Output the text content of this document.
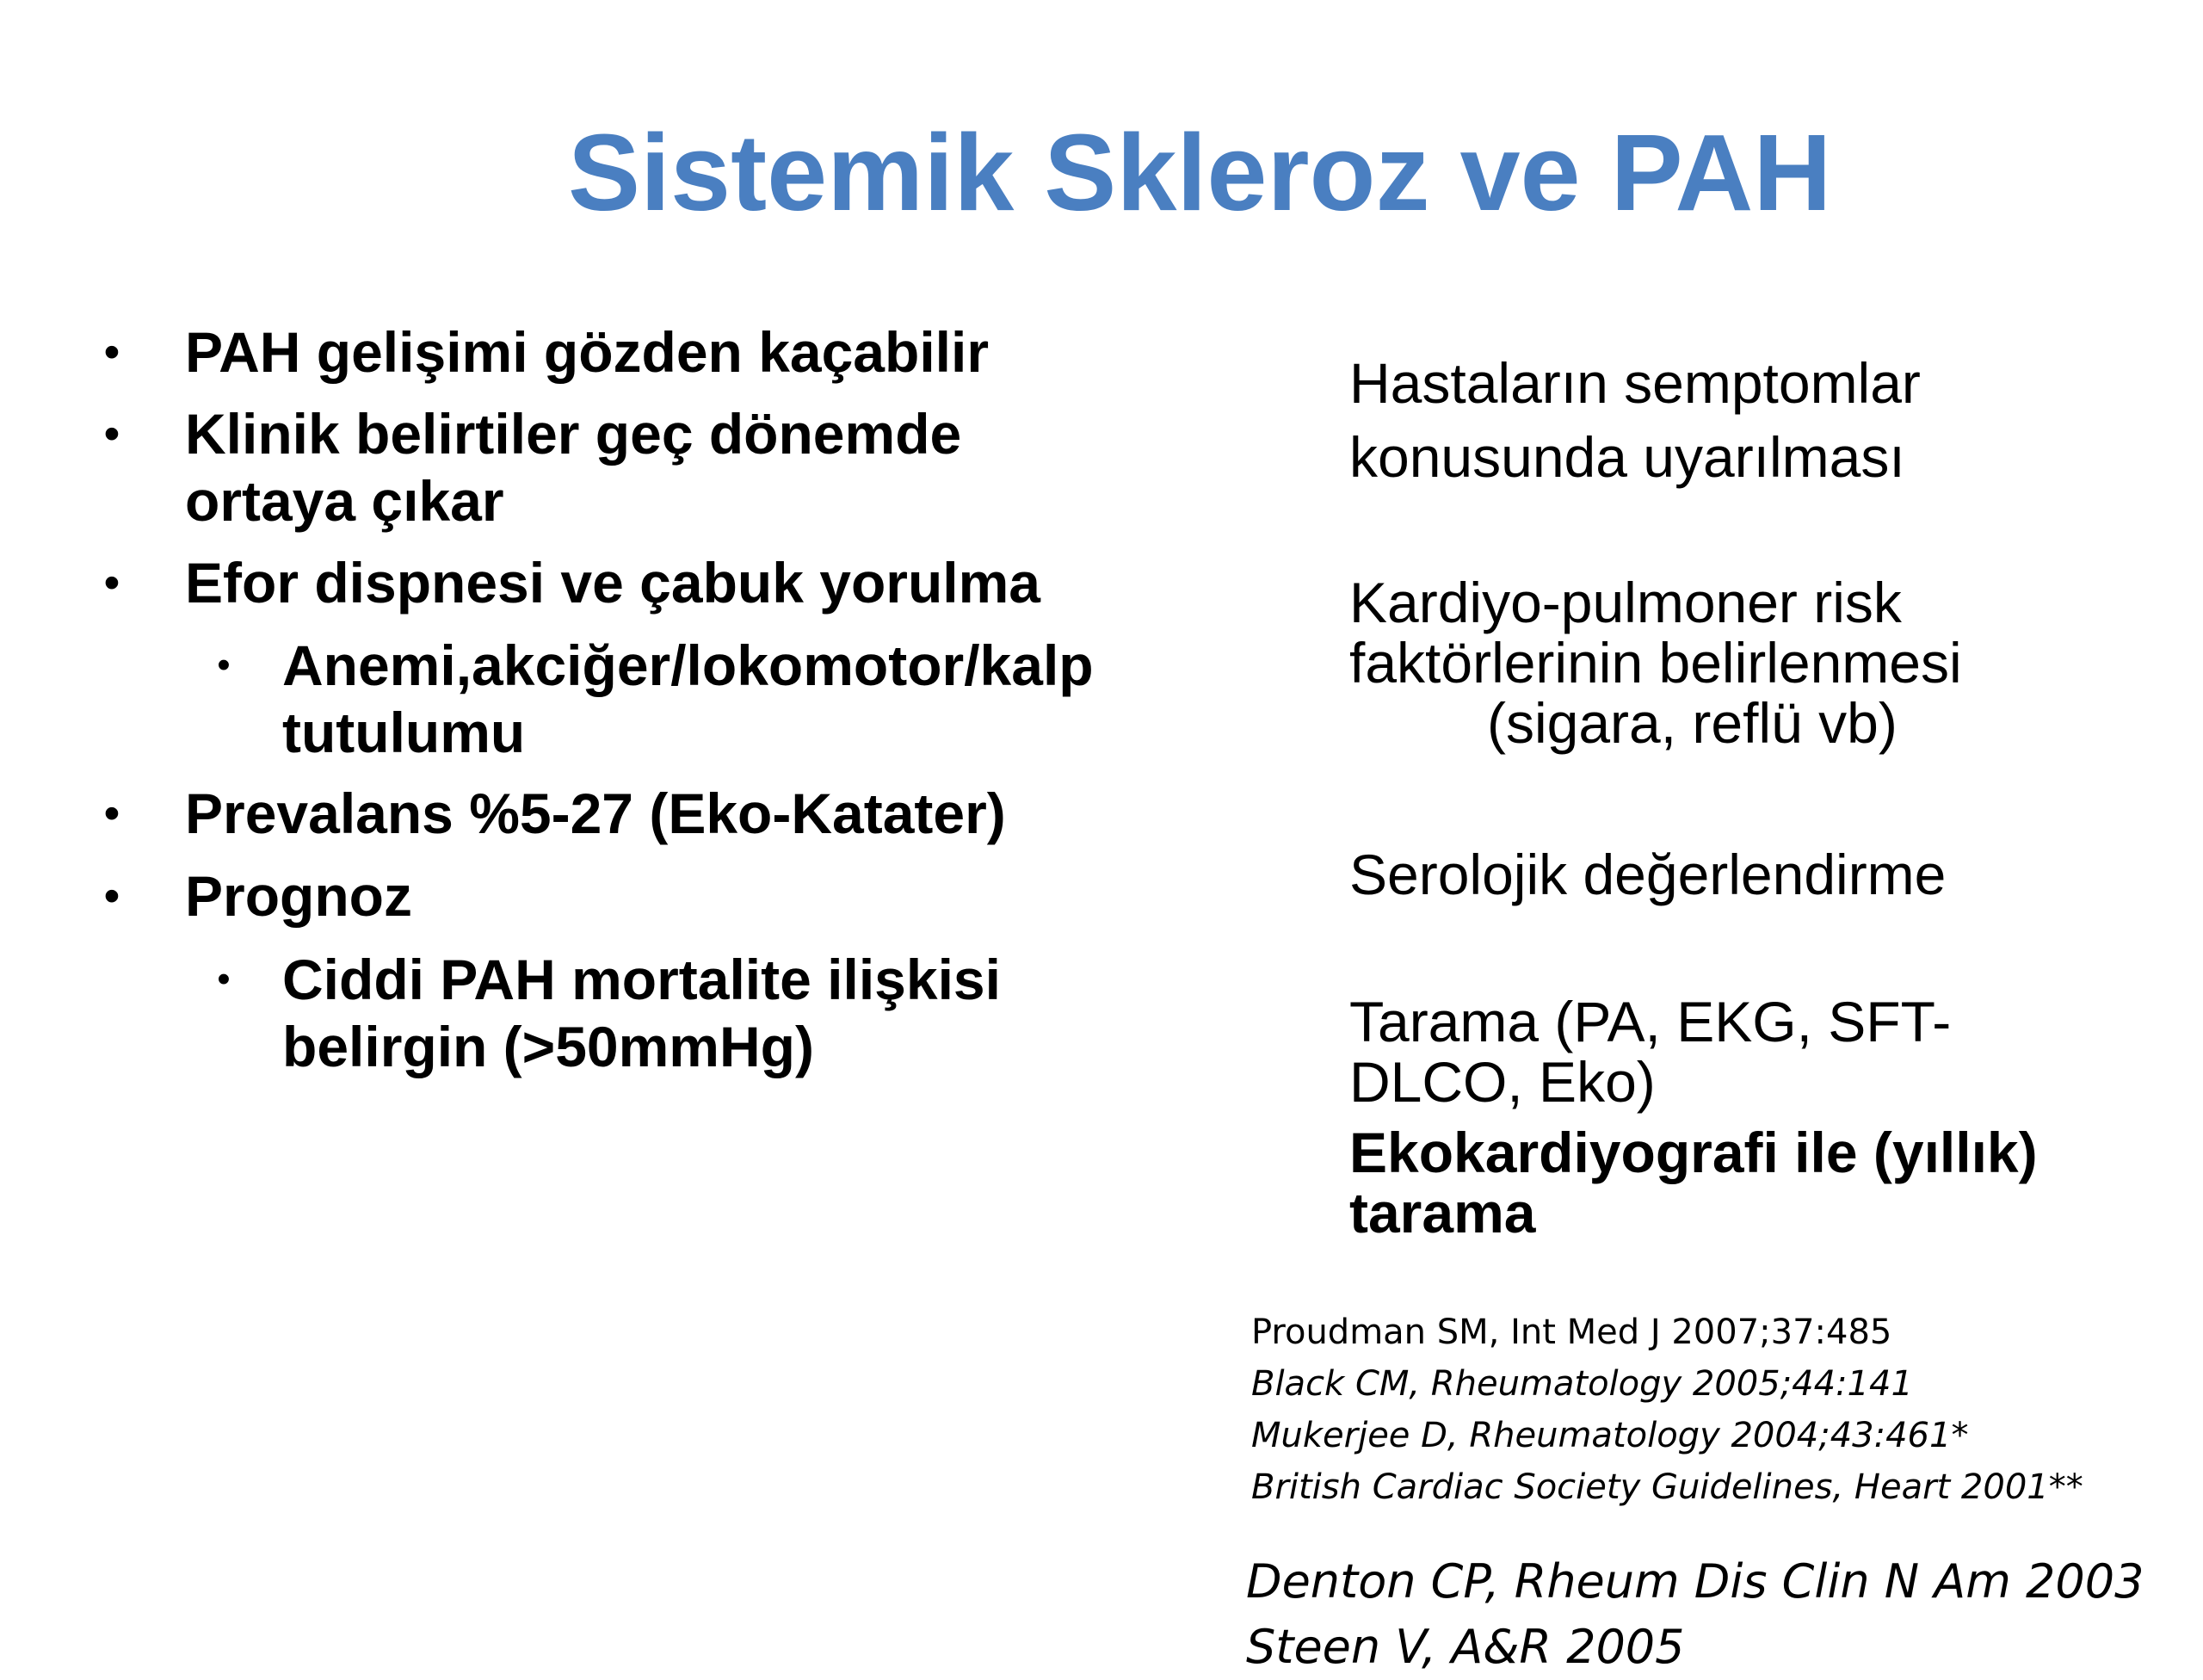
Sistemik Skleroz ve PAH
•	PAH gelişimi gözden kaçabilir
•	Klinik belirtiler geç dönemde
ortaya çıkar
•	Efor dispnesi ve çabuk yorulma
• Anemi,akciğer/lokomotor/kalp
tutulumu
•	Prevalans %5-27 (Eko-Katater)
•	Prognoz
• Ciddi PAH mortalite ilişkisi
belirgin (>50mmHg)
Hastaların semptomlar
konusunda uyarılması
Kardiyo-pulmoner risk
faktörlerinin belirlenmesi
(sigara, reflü vb)
Serolojik değerlendirme
Tarama (PA, EKG, SFT-
DLCO, Eko)
Ekokardiyografi ile (yıllık)
tarama
Proudman SM, Int Med J 2007;37:485
Black CM, Rheumatology 2005;44:141
Mukerjee D, Rheumatology 2004;43:461*
British Cardiac Society Guidelines, Heart 2001**
Denton CP, Rheum Dis Clin N Am 2003
Steen V, A&R 2005
